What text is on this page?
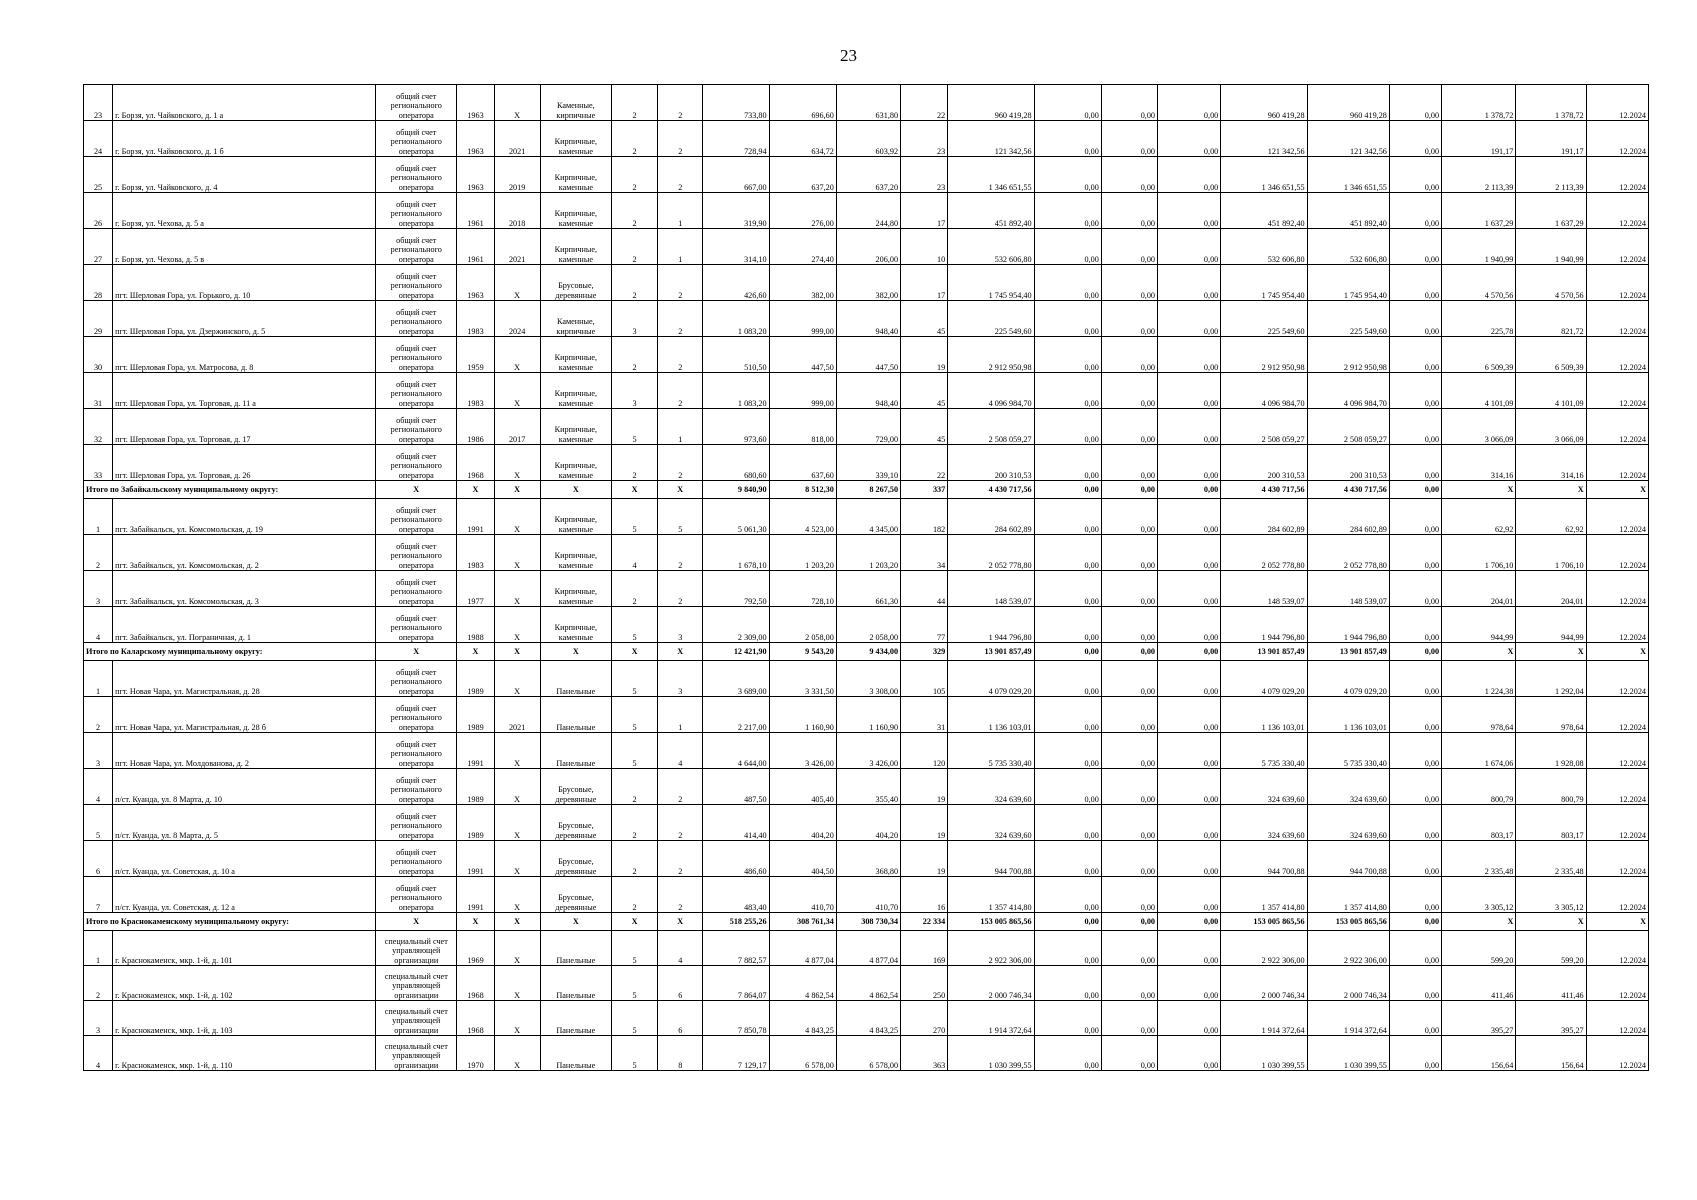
23
23	г. Борзя, ул. Чайковского, д. 1 а	общий счет регионального оператора	1963	X	Каменные, кирпичные	2	2	733,80	696,60	631,80	22	960 419,28	0,00	0,00	0,00	960 419,28	960 419,28	0,00	1 378,72	1 378,72	12.2024
24	г. Борзя, ул. Чайковского, д. 1 б	общий счет регионального оператора	1963	2021	Кирпичные, каменные	2	2	728,94	634,72	603,92	23	121 342,56	0,00	0,00	0,00	121 342,56	121 342,56	0,00	191,17	191,17	12.2024
25	г. Борзя, ул. Чайковского, д. 4	общий счет регионального оператора	1963	2019	Кирпичные, каменные	2	2	667,00	637,20	637,20	23	1 346 651,55	0,00	0,00	0,00	1 346 651,55	1 346 651,55	0,00	2 113,39	2 113,39	12.2024
26	г. Борзя, ул. Чехова, д. 5 а	общий счет регионального оператора	1961	2018	Кирпичные, каменные	2	1	319,90	276,00	244,80	17	451 892,40	0,00	0,00	0,00	451 892,40	451 892,40	0,00	1 637,29	1 637,29	12.2024
27	г. Борзя, ул. Чехова, д. 5 в	общий счет регионального оператора	1961	2021	Кирпичные, каменные	2	1	314,10	274,40	206,00	10	532 606,80	0,00	0,00	0,00	532 606,80	532 606,80	0,00	1 940,99	1 940,99	12.2024
28	пгт. Шерловая Гора, ул. Горького, д. 10	общий счет регионального оператора	1963	X	Брусовые, деревянные	2	2	426,60	382,00	382,00	17	1 745 954,40	0,00	0,00	0,00	1 745 954,40	1 745 954,40	0,00	4 570,56	4 570,56	12.2024
29	пгт. Шерловая Гора, ул. Дзержинского, д. 5	общий счет регионального оператора	1983	2024	Каменные, кирпичные	3	2	1 083,20	999,00	948,40	45	225 549,60	0,00	0,00	0,00	225 549,60	225 549,60	0,00	225,78	821,72	12.2024
30	пгт. Шерловая Гора, ул. Матросова, д. 8	общий счет регионального оператора	1959	X	Кирпичные, каменные	2	2	510,50	447,50	447,50	19	2 912 950,98	0,00	0,00	0,00	2 912 950,98	2 912 950,98	0,00	6 509,39	6 509,39	12.2024
31	пгт. Шерловая Гора, ул. Торговая, д. 11 а	общий счет регионального оператора	1983	X	Кирпичные, каменные	3	2	1 083,20	999,00	948,40	45	4 096 984,70	0,00	0,00	0,00	4 096 984,70	4 096 984,70	0,00	4 101,09	4 101,09	12.2024
32	пгт. Шерловая Гора, ул. Торговая, д. 17	общий счет регионального оператора	1986	2017	Кирпичные, каменные	5	1	973,60	818,00	729,00	45	2 508 059,27	0,00	0,00	0,00	2 508 059,27	2 508 059,27	0,00	3 066,09	3 066,09	12.2024
33	пгт. Шерловая Гора, ул. Торговая, д. 26	общий счет регионального оператора	1968	X	Кирпичные, каменные	2	2	680,60	637,60	339,10	22	200 310,53	0,00	0,00	0,00	200 310,53	200 310,53	0,00	314,16	314,16	12.2024
Итого по Забайкальскому муниципальному округу:		X	X	X	X	X	X	9 840,90	8 512,30	8 267,50	337	4 430 717,56	0,00	0,00	0,00	4 430 717,56	4 430 717,56	0,00	X	X	X
1	пгт. Забайкальск, ул. Комсомольская, д. 19	общий счет регионального оператора	1991	X	Кирпичные, каменные	5	5	5 061,30	4 523,00	4 345,00	182	284 602,89	0,00	0,00	0,00	284 602,89	284 602,89	0,00	62,92	62,92	12.2024
2	пгт. Забайкальск, ул. Комсомольская, д. 2	общий счет регионального оператора	1983	X	Кирпичные, каменные	4	2	1 678,10	1 203,20	1 203,20	34	2 052 778,80	0,00	0,00	0,00	2 052 778,80	2 052 778,80	0,00	1 706,10	1 706,10	12.2024
3	пгт. Забайкальск, ул. Комсомольская, д. 3	общий счет регионального оператора	1977	X	Кирпичные, каменные	2	2	792,50	728,10	661,30	44	148 539,07	0,00	0,00	0,00	148 539,07	148 539,07	0,00	204,01	204,01	12.2024
4	пгт. Забайкальск, ул. Пограничная, д. 1	общий счет регионального оператора	1988	X	Кирпичные, каменные	5	3	2 309,00	2 058,00	2 058,00	77	1 944 796,80	0,00	0,00	0,00	1 944 796,80	1 944 796,80	0,00	944,99	944,99	12.2024
Итого по Каларскому муниципальному округу:		X	X	X	X	X	X	12 421,90	9 543,20	9 434,00	329	13 901 857,49	0,00	0,00	0,00	13 901 857,49	13 901 857,49	0,00	X	X	X
1	пгт. Новая Чара, ул. Магистральная, д. 28	общий счет регионального оператора	1989	X	Панельные	5	3	3 689,00	3 331,50	3 308,00	105	4 079 029,20	0,00	0,00	0,00	4 079 029,20	4 079 029,20	0,00	1 224,38	1 292,04	12.2024
2	пгт. Новая Чара, ул. Магистральная, д. 28 б	общий счет регионального оператора	1989	2021	Панельные	5	1	2 217,00	1 160,90	1 160,90	31	1 136 103,01	0,00	0,00	0,00	1 136 103,01	1 136 103,01	0,00	978,64	978,64	12.2024
3	пгт. Новая Чара, ул. Молдованова, д. 2	общий счет регионального оператора	1991	X	Панельные	5	4	4 644,00	3 426,00	3 426,00	120	5 735 330,40	0,00	0,00	0,00	5 735 330,40	5 735 330,40	0,00	1 674,06	1 928,08	12.2024
4	п/ст. Куанда, ул. 8 Марта, д. 10	общий счет регионального оператора	1989	X	Брусовые, деревянные	2	2	487,50	405,40	355,40	19	324 639,60	0,00	0,00	0,00	324 639,60	324 639,60	0,00	800,79	800,79	12.2024
5	п/ст. Куанда, ул. 8 Марта, д. 5	общий счет регионального оператора	1989	X	Брусовые, деревянные	2	2	414,40	404,20	404,20	19	324 639,60	0,00	0,00	0,00	324 639,60	324 639,60	0,00	803,17	803,17	12.2024
6	п/ст. Куанда, ул. Советская, д. 10 а	общий счет регионального оператора	1991	X	Брусовые, деревянные	2	2	486,60	404,50	368,80	19	944 700,88	0,00	0,00	0,00	944 700,88	944 700,88	0,00	2 335,48	2 335,48	12.2024
7	п/ст. Куанда, ул. Советская, д. 12 а	общий счет регионального оператора	1991	X	Брусовые, деревянные	2	2	483,40	410,70	410,70	16	1 357 414,80	0,00	0,00	0,00	1 357 414,80	1 357 414,80	0,00	3 305,12	3 305,12	12.2024
Итого по Краснокаменскому муниципальному округу:		X	X	X	X	X	X	518 255,26	308 761,34	308 730,34	22 334	153 005 865,56	0,00	0,00	0,00	153 005 865,56	153 005 865,56	0,00	X	X	X
1	г. Краснокаменск, мкр. 1-й, д. 101	специальный счет управляющей организации	1969	X	Панельные	5	4	7 882,57	4 877,04	4 877,04	169	2 922 306,00	0,00	0,00	0,00	2 922 306,00	2 922 306,00	0,00	599,20	599,20	12.2024
2	г. Краснокаменск, мкр. 1-й, д. 102	специальный счет управляющей организации	1968	X	Панельные	5	6	7 864,07	4 862,54	4 862,54	250	2 000 746,34	0,00	0,00	0,00	2 000 746,34	2 000 746,34	0,00	411,46	411,46	12.2024
3	г. Краснокаменск, мкр. 1-й, д. 103	специальный счет управляющей организации	1968	X	Панельные	5	6	7 850,78	4 843,25	4 843,25	270	1 914 372,64	0,00	0,00	0,00	1 914 372,64	1 914 372,64	0,00	395,27	395,27	12.2024
4	г. Краснокаменск, мкр. 1-й, д. 110	специальный счет управляющей организации	1970	X	Панельные	5	8	7 129,17	6 578,00	6 578,00	363	1 030 399,55	0,00	0,00	0,00	1 030 399,55	1 030 399,55	0,00	156,64	156,64	12.2024
